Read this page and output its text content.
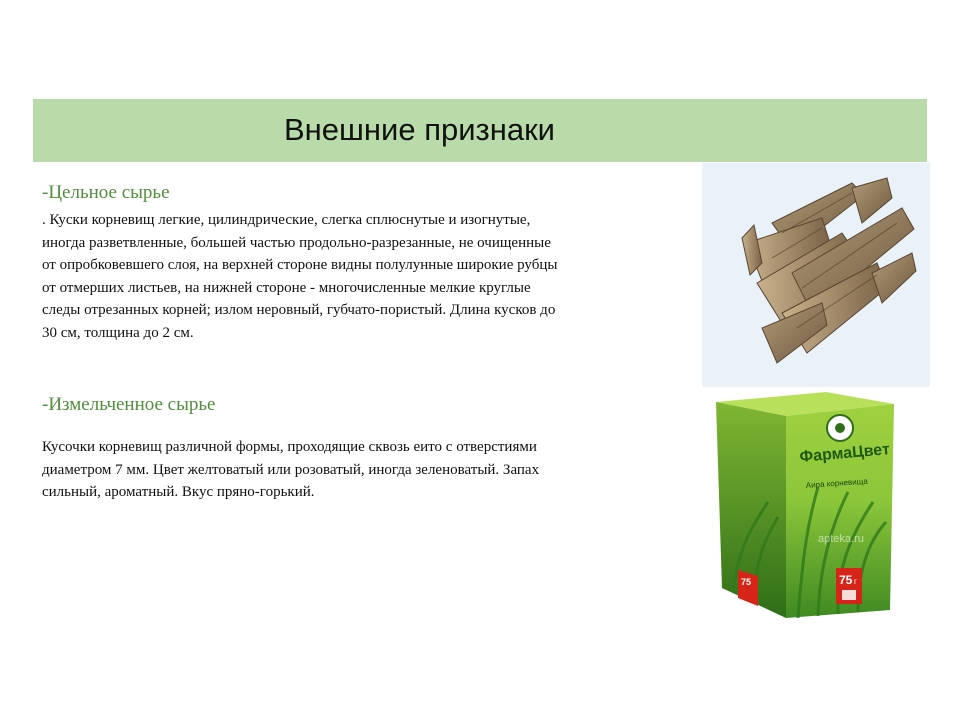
Внешние признаки
-Цельное сырье

. Куски корневищ легкие, цилиндрические, слегка сплюснутые и изогнутые,
иногда разветвленные, большей частью продольно-разрезанные, не очищенные
от опробковевшего слоя, на верхней стороне видны полулунные широкие рубцы
от отмерших листьев, на нижней стороне - многочисленные мелкие круглые
следы отрезанных корней; излом неровный, губчато-пористый. Длина кусков до
30 см, толщина до 2 см.

-Измельченное сырье

Кусочки корневищ различной формы, проходящие сквозь еито с отверстиями
диаметром 7 мм. Цвет желтоватый или розоватый, иногда зеленоватый. Запах
сильный, ароматный. Вкус пряно-горький.

ФармаЦвет
Аира корневища
apteka.ru
75 г
75
